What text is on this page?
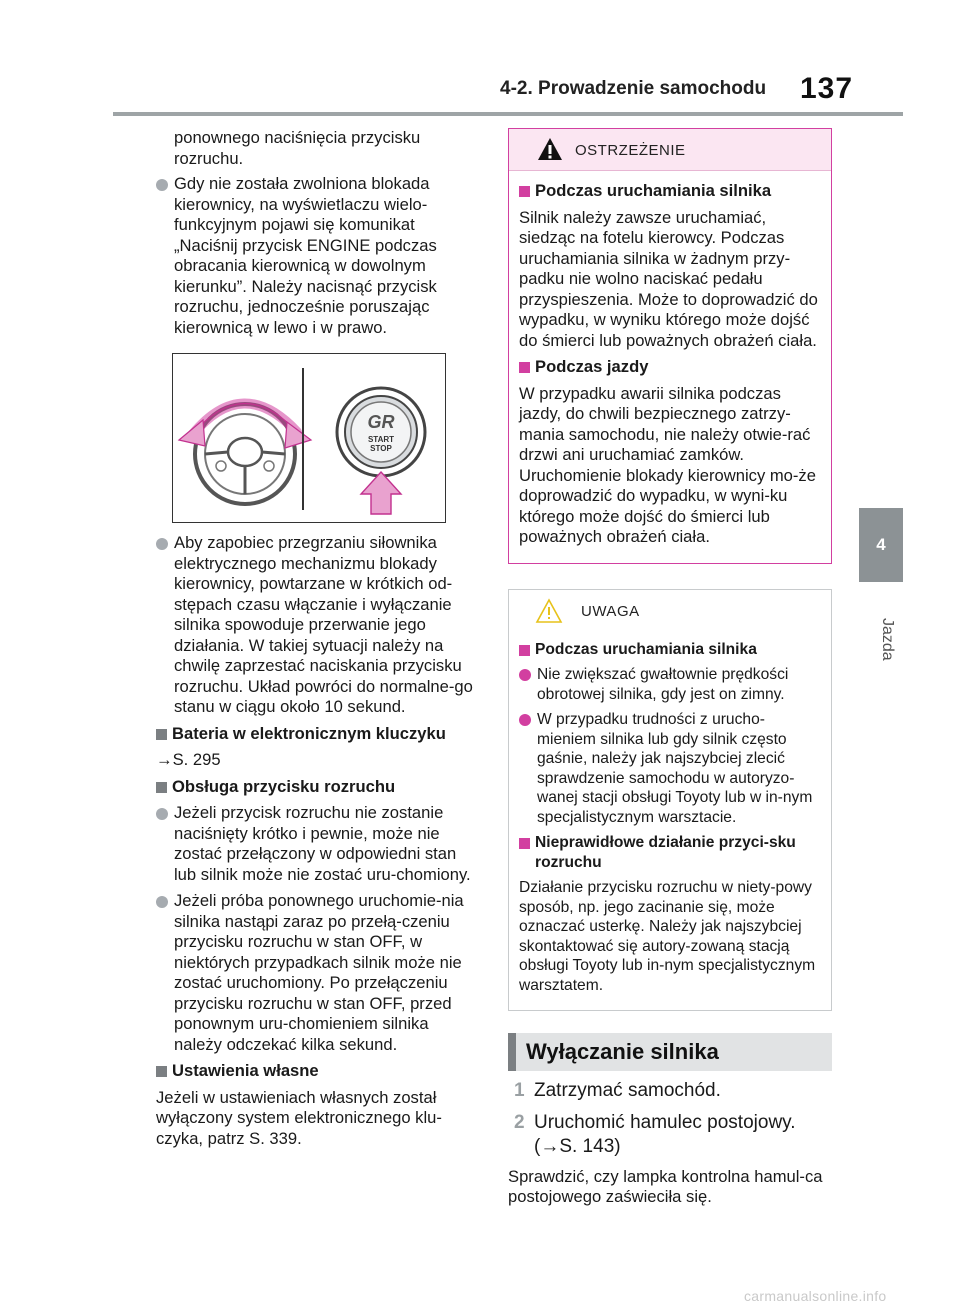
4-2. Prowadzenie samochodu 137
4
Jazda
ponownego naciśnięcia przycisku rozruchu.
Gdy nie została zwolniona blokada kierownicy, na wyświetlaczu wielo-funkcyjnym pojawi się komunikat „Naciśnij przycisk ENGINE podczas obracania kierownicą w dowolnym kierunku”. Należy nacisnąć przycisk rozruchu, jednocześnie poruszając kierownicą w lewo i w prawo.
GR
START
STOP
Aby zapobiec przegrzaniu siłownika elektrycznego mechanizmu blokady kierownicy, powtarzane w krótkich od-stępach czasu włączanie i wyłączanie silnika spowoduje przerwanie jego działania. W takiej sytuacji należy na chwilę zaprzestać naciskania przycisku rozruchu. Układ powróci do normalne-go stanu w ciągu około 10 sekund.
Bateria w elektronicznym kluczyku
→S. 295
Obsługa przycisku rozruchu
Jeżeli przycisk rozruchu nie zostanie naciśnięty krótko i pewnie, może nie zostać przełączony w odpowiedni stan lub silnik może nie zostać uru-chomiony.
Jeżeli próba ponownego uruchomie-nia silnika nastąpi zaraz po przełą-czeniu przycisku rozruchu w stan OFF, w niektórych przypadkach silnik może nie zostać uruchomiony. Po przełączeniu przycisku rozruchu w stan OFF, przed ponownym uru-chomieniem silnika należy odczekać kilka sekund.
Ustawienia własne
Jeżeli w ustawieniach własnych został wyłączony system elektronicznego klu-czyka, patrz S. 339.
OSTRZEŻENIE
Podczas uruchamiania silnika
Silnik należy zawsze uruchamiać, siedząc na fotelu kierowcy. Podczas uruchamiania silnika w żadnym przy-padku nie wolno naciskać pedału przyspieszenia. Może to doprowadzić do wypadku, w wyniku którego może dojść do śmierci lub poważnych obrażeń ciała.
Podczas jazdy
W przypadku awarii silnika podczas jazdy, do chwili bezpiecznego zatrzy-mania samochodu, nie należy otwie-rać drzwi ani uruchamiać zamków. Uruchomienie blokady kierownicy mo-że doprowadzić do wypadku, w wyni-ku którego może dojść do śmierci lub poważnych obrażeń ciała.
UWAGA
Podczas uruchamiania silnika
Nie zwiększać gwałtownie prędkości obrotowej silnika, gdy jest on zimny.
W przypadku trudności z urucho-mieniem silnika lub gdy silnik często gaśnie, należy jak najszybciej zlecić sprawdzenie samochodu w autoryzo-wanej stacji obsługi Toyoty lub w in-nym specjalistycznym warsztacie.
Nieprawidłowe działanie przyci-sku rozruchu
Działanie przycisku rozruchu w niety-powy sposób, np. jego zacinanie się, może oznaczać usterkę. Należy jak najszybciej skontaktować się autory-zowaną stacją obsługi Toyoty lub in-nym specjalistycznym warsztatem.
Wyłączanie silnika
1 Zatrzymać samochód.
2 Uruchomić hamulec postojowy. (→S. 143)
Sprawdzić, czy lampka kontrolna hamul-ca postojowego zaświeciła się.
carmanualsonline.info
